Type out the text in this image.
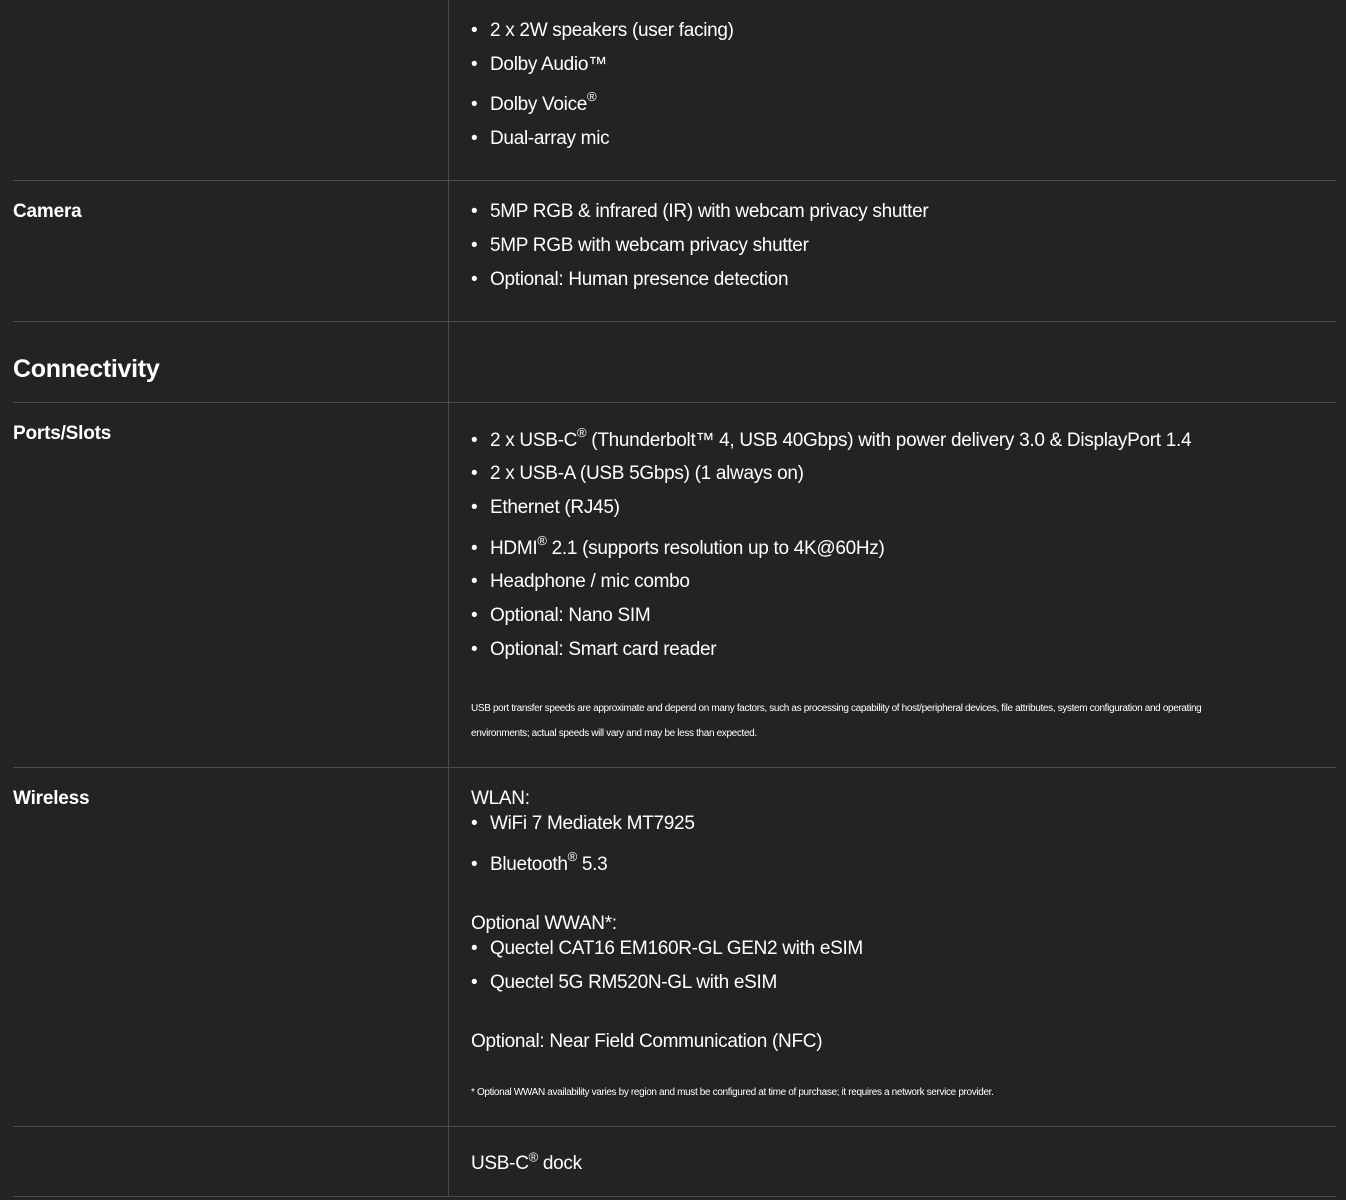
• 2 x 2W speakers (user facing)
• Dolby Audio™
• Dolby Voice®
• Dual-array mic
Camera	• 5MP RGB & infrared (IR) with webcam privacy shutter
• 5MP RGB with webcam privacy shutter
• Optional: Human presence detection
Connectivity
Ports/Slots	• 2 x USB-C® (Thunderbolt™ 4, USB 40Gbps) with power delivery 3.0 & DisplayPort 1.4
• 2 x USB-A (USB 5Gbps) (1 always on)
• Ethernet (RJ45)
• HDMI® 2.1 (supports resolution up to 4K@60Hz)
• Headphone / mic combo
• Optional: Nano SIM
• Optional: Smart card reader
USB port transfer speeds are approximate and depend on many factors, such as processing capability of host/peripheral devices, file attributes, system configuration and operating
environments; actual speeds will vary and may be less than expected.
Wireless	WLAN:
• WiFi 7 Mediatek MT7925
• Bluetooth® 5.3
Optional WWAN*:
• Quectel CAT16 EM160R-GL GEN2 with eSIM
• Quectel 5G RM520N-GL with eSIM
Optional: Near Field Communication (NFC)
* Optional WWAN availability varies by region and must be configured at time of purchase; it requires a network service provider.
USB-C® dock
